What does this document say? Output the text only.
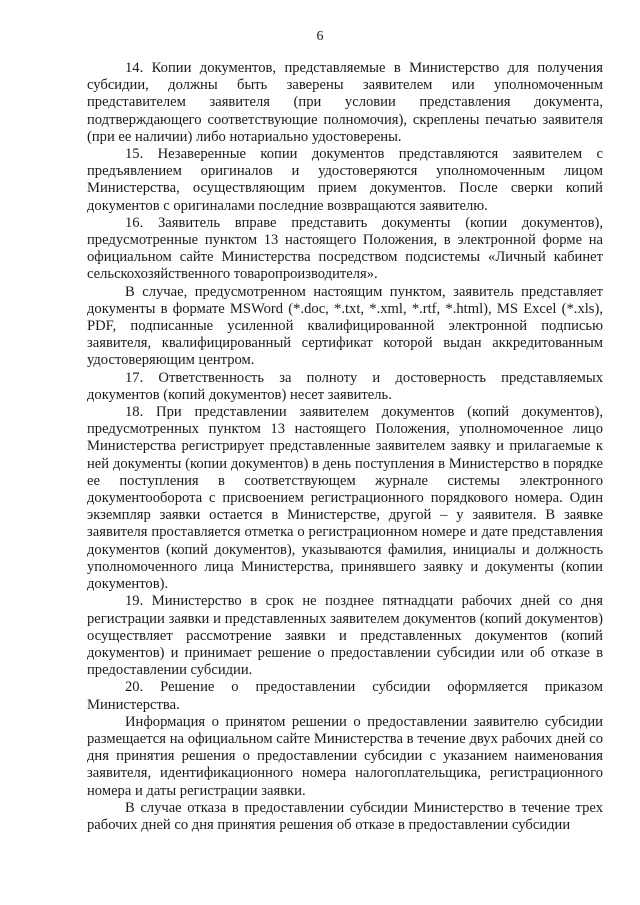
6

14. Копии документов, представляемые в Министерство для получения субсидии, должны быть заверены заявителем или уполномоченным представителем заявителя (при условии представления документа, подтверждающего соответствующие полномочия), скреплены печатью заявителя (при ее наличии) либо нотариально удостоверены.

15. Незаверенные копии документов представляются заявителем с предъявлением оригиналов и удостоверяются уполномоченным лицом Министерства, осуществляющим прием документов. После сверки копий документов с оригиналами последние возвращаются заявителю.

16. Заявитель вправе представить документы (копии документов), предусмотренные пунктом 13 настоящего Положения, в электронной форме на официальном сайте Министерства посредством подсистемы «Личный кабинет сельскохозяйственного товаропроизводителя».

В случае, предусмотренном настоящим пунктом, заявитель представляет документы в формате MSWord (*.doc, *.txt, *.xml, *.rtf, *.html), MS Excel (*.xls), PDF, подписанные усиленной квалифицированной электронной подписью заявителя, квалифицированный сертификат которой выдан аккредитованным удостоверяющим центром.

17. Ответственность за полноту и достоверность представляемых документов (копий документов) несет заявитель.

18. При представлении заявителем документов (копий документов), предусмотренных пунктом 13 настоящего Положения, уполномоченное лицо Министерства регистрирует представленные заявителем заявку и прилагаемые к ней документы (копии документов) в день поступления в Министерство в порядке ее поступления в соответствующем журнале системы электронного документооборота с присвоением регистрационного порядкового номера. Один экземпляр заявки остается в Министерстве, другой – у заявителя. В заявке заявителя проставляется отметка о регистрационном номере и дате представления документов (копий документов), указываются фамилия, инициалы и должность уполномоченного лица Министерства, принявшего заявку и документы (копии документов).

19. Министерство в срок не позднее пятнадцати рабочих дней со дня регистрации заявки и представленных заявителем документов (копий документов) осуществляет рассмотрение заявки и представленных документов (копий документов) и принимает решение о предоставлении субсидии или об отказе в предоставлении субсидии.

20. Решение о предоставлении субсидии оформляется приказом Министерства.

Информация о принятом решении о предоставлении заявителю субсидии размещается на официальном сайте Министерства в течение двух рабочих дней со дня принятия решения о предоставлении субсидии с указанием наименования заявителя, идентификационного номера налогоплательщика, регистрационного номера и даты регистрации заявки.

В случае отказа в предоставлении субсидии Министерство в течение трех рабочих дней со дня принятия решения об отказе в предоставлении субсидии
